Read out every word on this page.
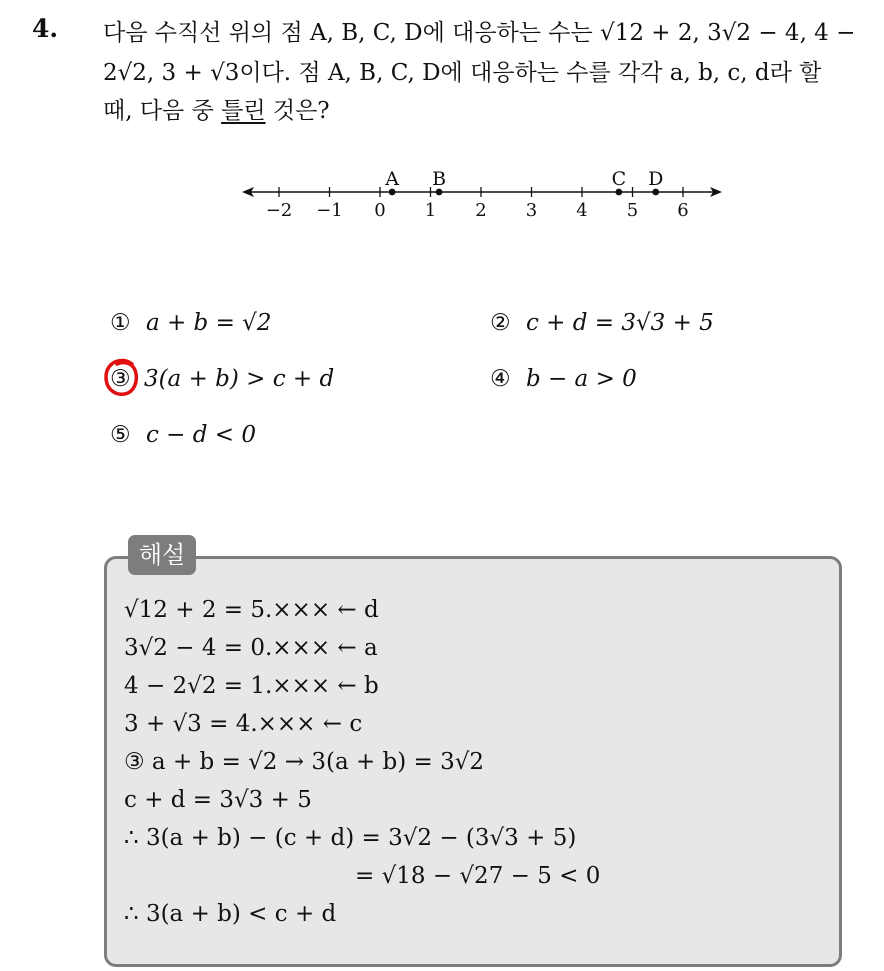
4. 다음 수직선 위의 점 A, B, C, D에 대응하는 수는 √12 + 2, 3√2 − 4, 4 −
2√2, 3 + √3이다. 점 A, B, C, D에 대응하는 수를 각각 a, b, c, d라 할
때, 다음 중 틀린 것은?
−2 −1 0 1 2 3 4 5 6
A B	C D
① a + b = √2	② c + d = 3√3 + 5
③ 3(a + b) > c + d	④ b − a > 0
⑤ c − d < 0
해설
√12 + 2 = 5.××× ← d
3√2 − 4 = 0.××× ← a
4 − 2√2 = 1.××× ← b
3 + √3 = 4.××× ← c
③ a + b = √2 → 3(a + b) = 3√2
c + d = 3√3 + 5
∴ 3(a + b) − (c + d) = 3√2 − (3√3 + 5)
= √18 − √27 − 5 < 0
∴ 3(a + b) < c + d
